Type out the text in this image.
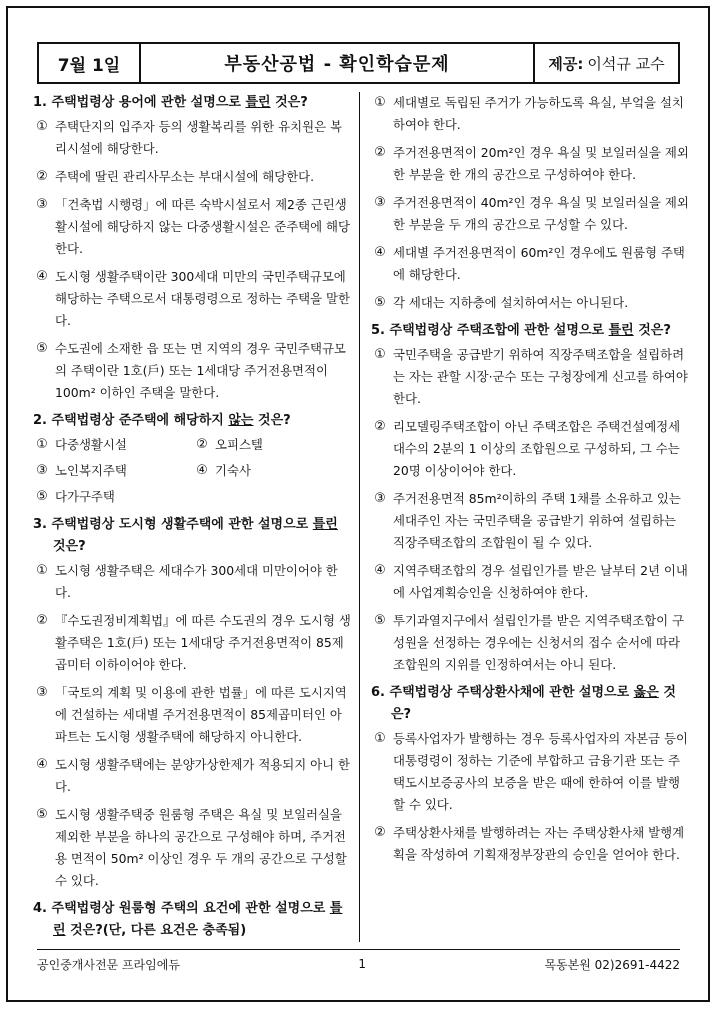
7월 1일	부동산공법 - 확인학습문제	제공: 이석규 교수
1. 주택법령상 용어에 관한 설명으로 틀린 것은?
① 주택단지의 입주자 등의 생활복리를 위한 유치원은 복리시설에 해당한다.
② 주택에 딸린 관리사무소는 부대시설에 해당한다.
③ 「건축법 시행령」에 따른 숙박시설로서 제2종 근린생활시설에 해당하지 않는 다중생활시설은 준주택에 해당한다.
④ 도시형 생활주택이란 300세대 미만의 국민주택규모에 해당하는 주택으로서 대통령령으로 정하는 주택을 말한다.
⑤ 수도권에 소재한 읍 또는 면 지역의 경우 국민주택규모의 주택이란 1호(戶) 또는 1세대당 주거전용면적이 100m² 이하인 주택을 말한다.
2. 주택법령상 준주택에 해당하지 않는 것은?
① 다중생활시설	② 오피스텔
③ 노인복지주택	④ 기숙사
⑤ 다가구주택
3. 주택법령상 도시형 생활주택에 관한 설명으로 틀린 것은?
① 도시형 생활주택은 세대수가 300세대 미만이어야 한다.
② 『수도권정비계획법』에 따른 수도권의 경우 도시형 생활주택은 1호(戶) 또는 1세대당 주거전용면적이 85제곱미터 이하이어야 한다.
③ 「국토의 계획 및 이용에 관한 법률」에 따른 도시지역에 건설하는 세대별 주거전용면적이 85제곱미터인 아파트는 도시형 생활주택에 해당하지 아니한다.
④ 도시형 생활주택에는 분양가상한제가 적용되지 아니 한다.
⑤ 도시형 생활주택중 원룸형 주택은 욕실 및 보일러실을 제외한 부분을 하나의 공간으로 구성해야 하며, 주거전용 면적이 50m² 이상인 경우 두 개의 공간으로 구성할 수 있다.
4. 주택법령상 원룸형 주택의 요건에 관한 설명으로 틀린 것은?(단, 다른 요건은 충족됨)
① 세대별로 독립된 주거가 가능하도록 욕실, 부엌을 설치하여야 한다.
② 주거전용면적이 20m²인 경우 욕실 및 보일러실을 제외한 부분을 한 개의 공간으로 구성하여야 한다.
③ 주거전용면적이 40m²인 경우 욕실 및 보일러실을 제외한 부분을 두 개의 공간으로 구성할 수 있다.
④ 세대별 주거전용면적이 60m²인 경우에도 원룸형 주택에 해당한다.
⑤ 각 세대는 지하층에 설치하여서는 아니된다.
5. 주택법령상 주택조합에 관한 설명으로 틀린 것은?
① 국민주택을 공급받기 위하여 직장주택조합을 설립하려는 자는 관할 시장·군수 또는 구청장에게 신고를 하여야 한다.
② 리모델링주택조합이 아닌 주택조합은 주택건설예정세대수의 2분의 1 이상의 조합원으로 구성하되, 그 수는 20명 이상이어야 한다.
③ 주거전용면적 85m²이하의 주택 1채를 소유하고 있는 세대주인 자는 국민주택을 공급받기 위하여 설립하는 직장주택조합의 조합원이 될 수 있다.
④ 지역주택조합의 경우 설립인가를 받은 날부터 2년 이내에 사업계획승인을 신청하여야 한다.
⑤ 투기과열지구에서 설립인가를 받은 지역주택조합이 구성원을 선정하는 경우에는 신청서의 접수 순서에 따라 조합원의 지위를 인정하여서는 아니 된다.
6. 주택법령상 주택상환사채에 관한 설명으로 옳은 것은?
① 등록사업자가 발행하는 경우 등록사업자의 자본금 등이 대통령령이 정하는 기준에 부합하고 금융기관 또는 주택도시보증공사의 보증을 받은 때에 한하여 이를 발행할 수 있다.
② 주택상환사채를 발행하려는 자는 주택상환사채 발행계획을 작성하여 기획재정부장관의 승인을 얻어야 한다.
공인중개사전문 프라임에듀	1	목동본원 02)2691-4422
